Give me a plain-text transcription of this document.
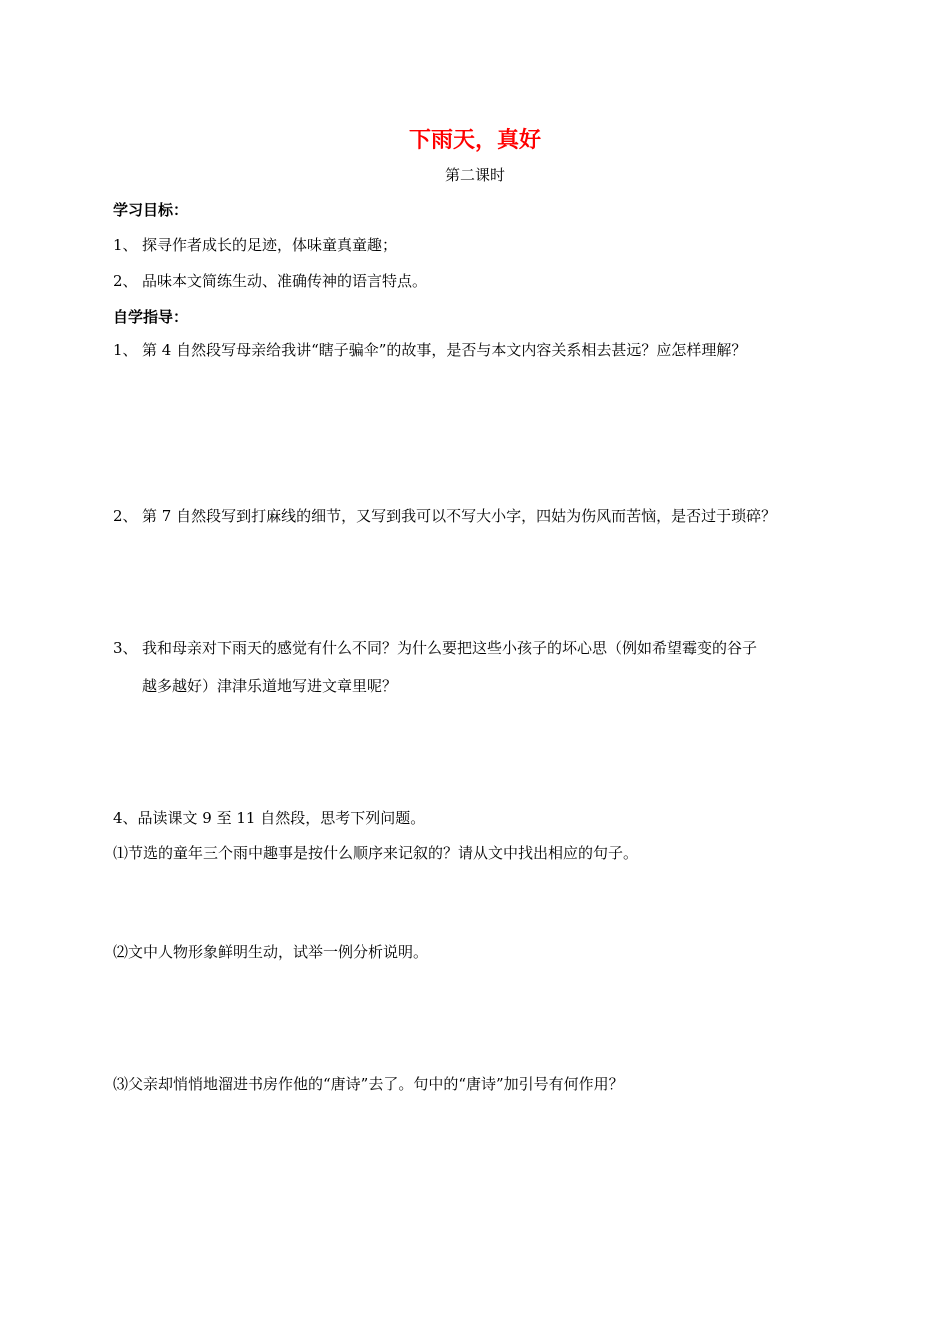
下雨天，真好
第二课时
学习目标：
1、 探寻作者成长的足迹，体味童真童趣；
2、 品味本文简练生动、准确传神的语言特点。
自学指导：
1、 第 4 自然段写母亲给我讲“瞎子骗伞”的故事，是否与本文内容关系相去甚远？应怎样理解？
2、 第 7 自然段写到打麻线的细节，又写到我可以不写大小字，四姑为伤风而苦恼，是否过于琐碎？
3、 我和母亲对下雨天的感觉有什么不同？为什么要把这些小孩子的坏心思（例如希望霉变的谷子
越多越好）津津乐道地写进文章里呢？
4、品读课文 9 至 11 自然段，思考下列问题。
⑴节选的童年三个雨中趣事是按什么顺序来记叙的？请从文中找出相应的句子。
⑵文中人物形象鲜明生动，试举一例分析说明。
⑶父亲却悄悄地溜进书房作他的“唐诗”去了。句中的“唐诗”加引号有何作用？
